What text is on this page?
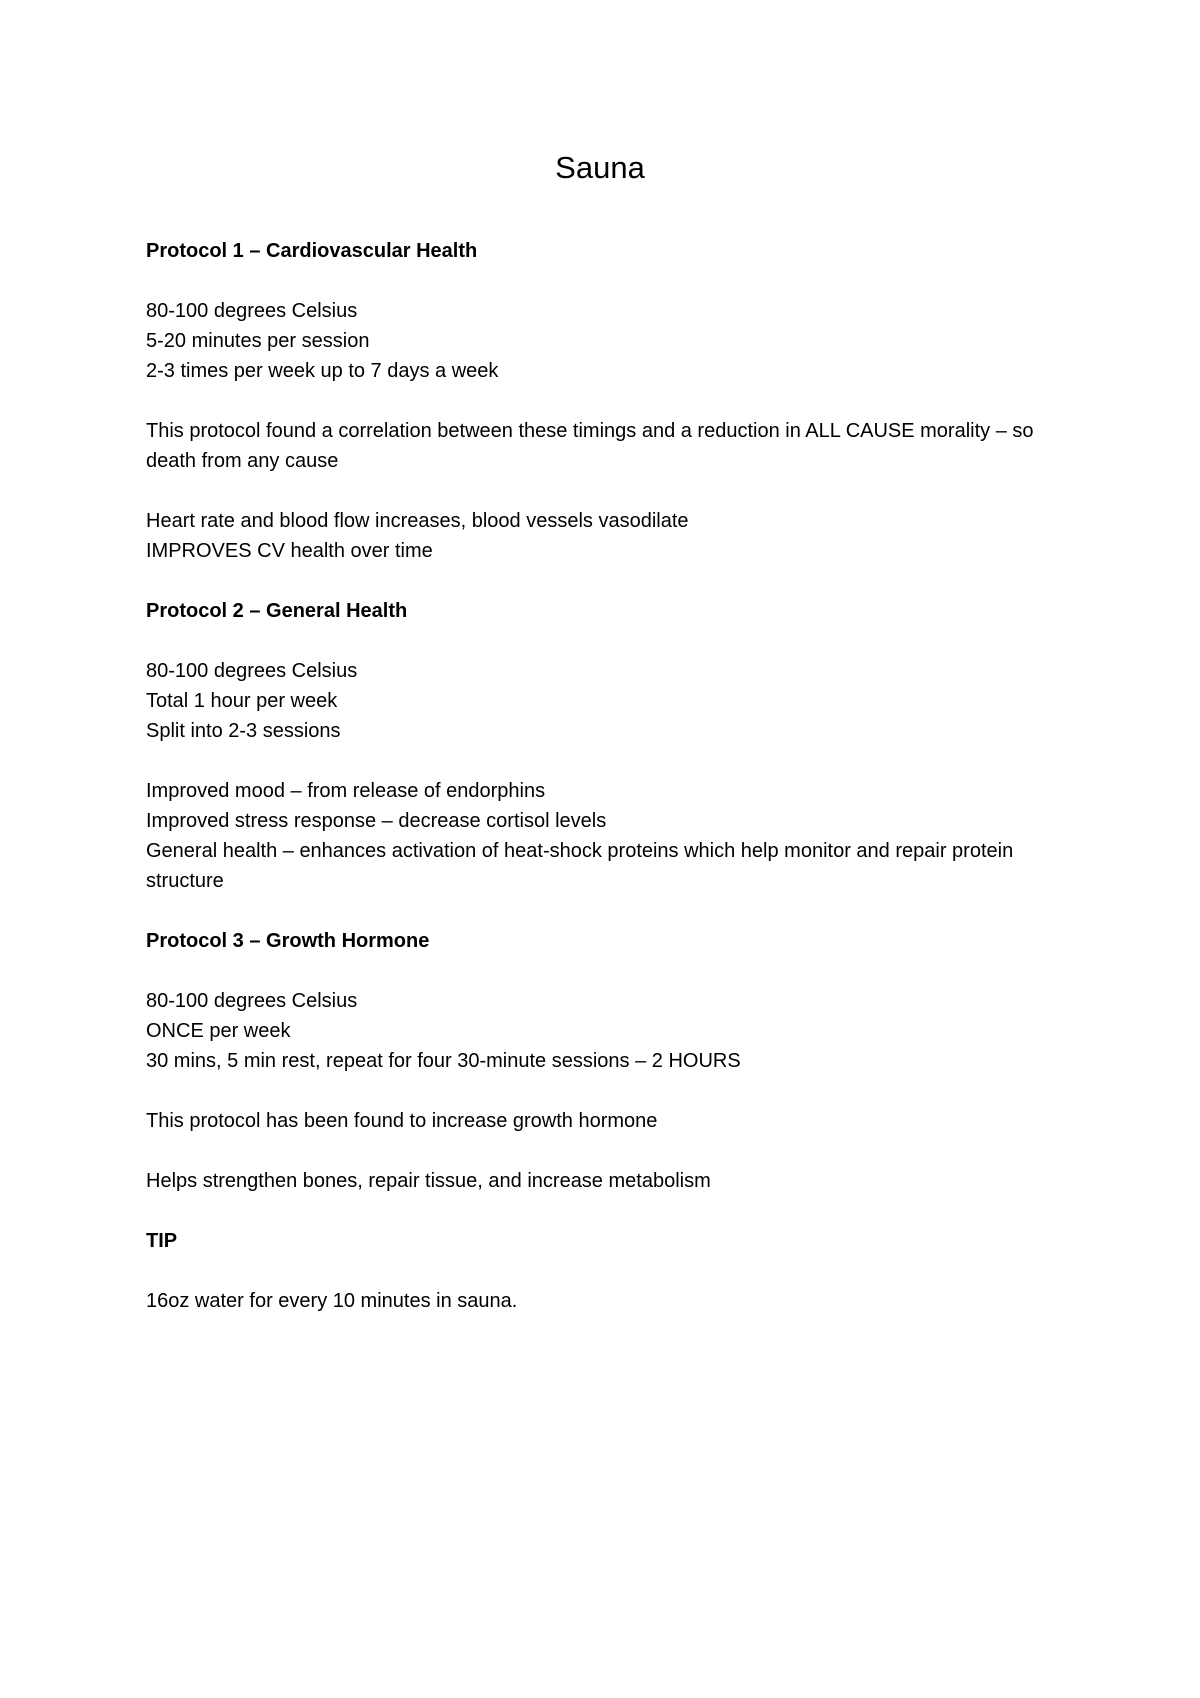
Sauna
Protocol 1 – Cardiovascular Health
80-100 degrees Celsius
5-20 minutes per session
2-3 times per week up to 7 days a week
This protocol found a correlation between these timings and a reduction in ALL CAUSE morality – so death from any cause
Heart rate and blood flow increases, blood vessels vasodilate
IMPROVES CV health over time
Protocol 2 – General Health
80-100 degrees Celsius
Total 1 hour per week
Split into 2-3 sessions
Improved mood – from release of endorphins
Improved stress response – decrease cortisol levels
General health – enhances activation of heat-shock proteins which help monitor and repair protein structure
Protocol 3 – Growth Hormone
80-100 degrees Celsius
ONCE per week
30 mins, 5 min rest, repeat for four 30-minute sessions – 2 HOURS
This protocol has been found to increase growth hormone
Helps strengthen bones, repair tissue, and increase metabolism
TIP
16oz water for every 10 minutes in sauna.
